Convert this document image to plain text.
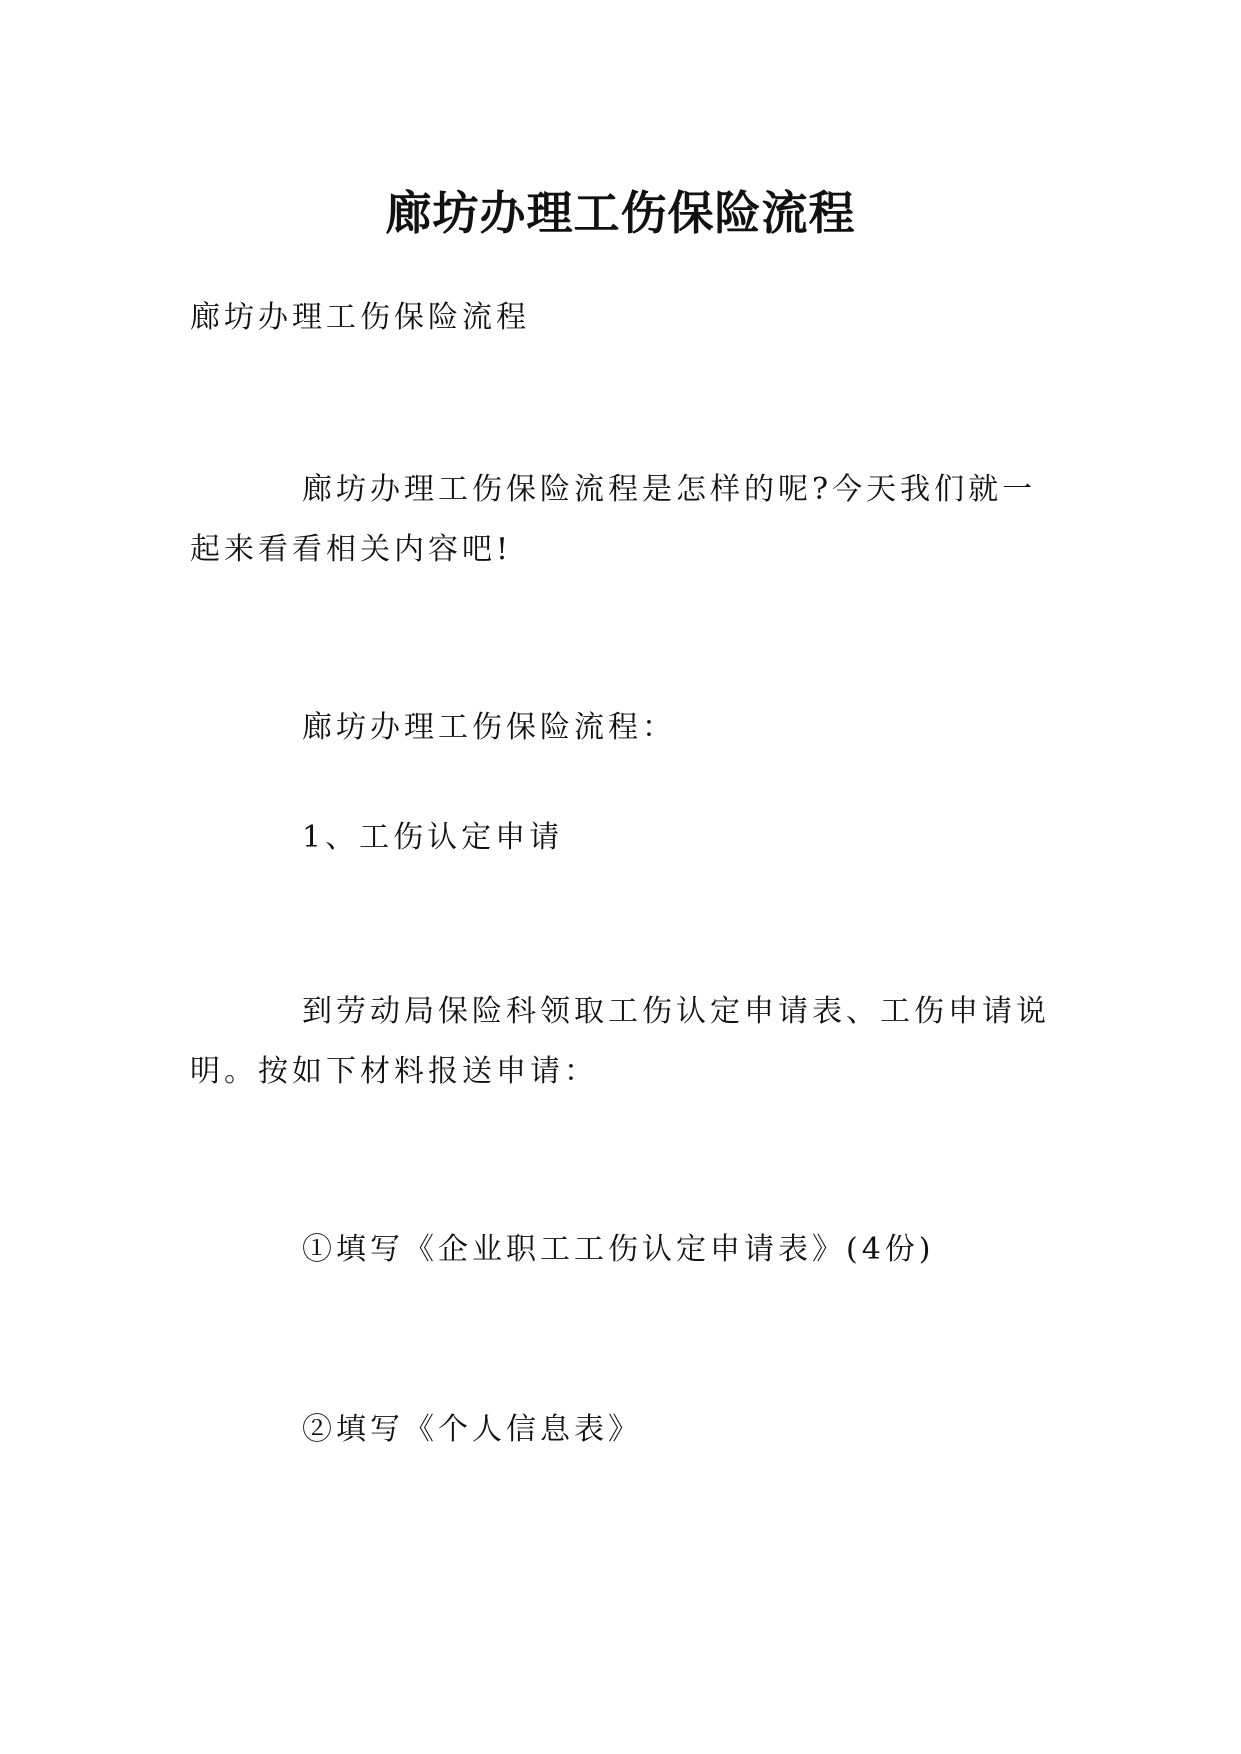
廊坊办理工伤保险流程

廊坊办理工伤保险流程

廊坊办理工伤保险流程是怎样的呢?今天我们就一起来看看相关内容吧!

廊坊办理工伤保险流程：

1、工伤认定申请

到劳动局保险科领取工伤认定申请表、工伤申请说明。按如下材料报送申请：

①填写《企业职工工伤认定申请表》(4份)

②填写《个人信息表》
